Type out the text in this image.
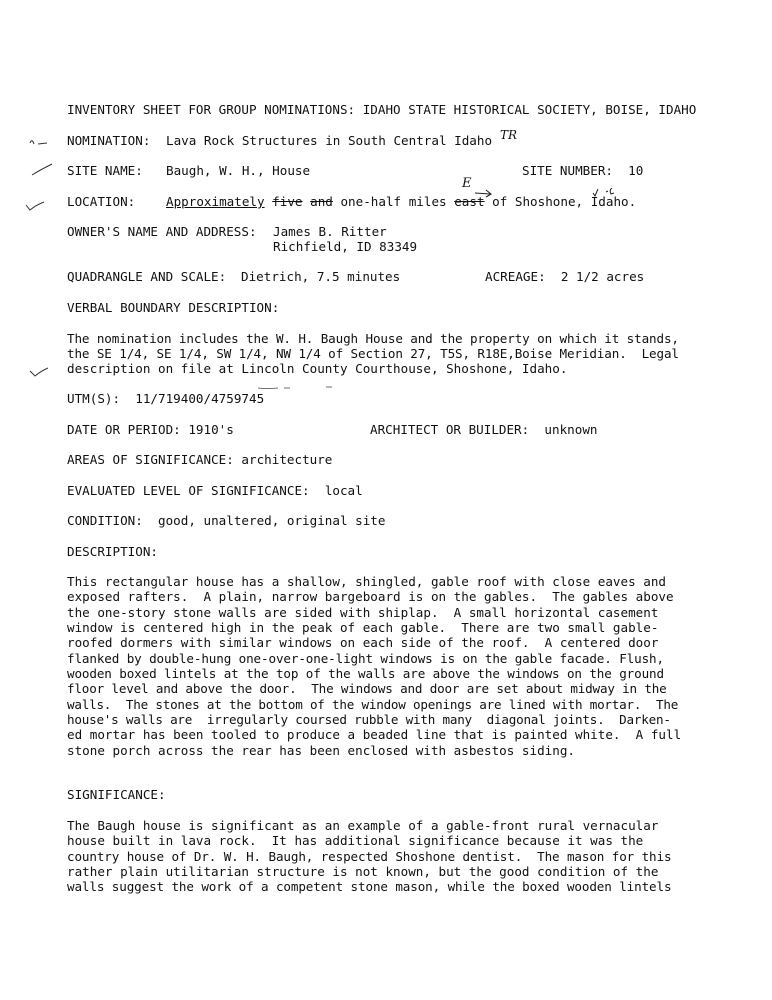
INVENTORY SHEET FOR GROUP NOMINATIONS: IDAHO STATE HISTORICAL SOCIETY, BOISE, IDAHO
NOMINATION: Lava Rock Structures in South Central Idaho TR
SITE NAME: Baugh, W. H., House	SITE NUMBER: 10
LOCATION: Approximately five and one-half miles east of Shoshone, Idaho.
E
OWNER'S NAME AND ADDRESS: James B. Ritter
Richfield, ID 83349
QUADRANGLE AND SCALE: Dietrich, 7.5 minutes	ACREAGE: 2 1/2 acres
VERBAL BOUNDARY DESCRIPTION:
The nomination includes the W. H. Baugh House and the property on which it stands,
the SE 1/4, SE 1/4, SW 1/4, NW 1/4 of Section 27, T5S, R18E,Boise Meridian.  Legal
description on file at Lincoln County Courthouse, Shoshone, Idaho.
UTM(S): 11/719400/4759745
DATE OR PERIOD: 1910's	ARCHITECT OR BUILDER: unknown
AREAS OF SIGNIFICANCE: architecture
EVALUATED LEVEL OF SIGNIFICANCE: local
CONDITION: good, unaltered, original site
DESCRIPTION:
This rectangular house has a shallow, shingled, gable roof with close eaves and
exposed rafters.  A plain, narrow bargeboard is on the gables.  The gables above
the one-story stone walls are sided with shiplap.  A small horizontal casement
window is centered high in the peak of each gable.  There are two small gable-
roofed dormers with similar windows on each side of the roof.  A centered door
flanked by double-hung one-over-one-light windows is on the gable facade. Flush,
wooden boxed lintels at the top of the walls are above the windows on the ground
floor level and above the door.  The windows and door are set about midway in the
walls.  The stones at the bottom of the window openings are lined with mortar.  The
house's walls are  irregularly coursed rubble with many  diagonal joints.  Darken-
ed mortar has been tooled to produce a beaded line that is painted white.  A full
stone porch across the rear has been enclosed with asbestos siding.
SIGNIFICANCE:
The Baugh house is significant as an example of a gable-front rural vernacular
house built in lava rock.  It has additional significance because it was the
country house of Dr. W. H. Baugh, respected Shoshone dentist.  The mason for this
rather plain utilitarian structure is not known, but the good condition of the
walls suggest the work of a competent stone mason, while the boxed wooden lintels
